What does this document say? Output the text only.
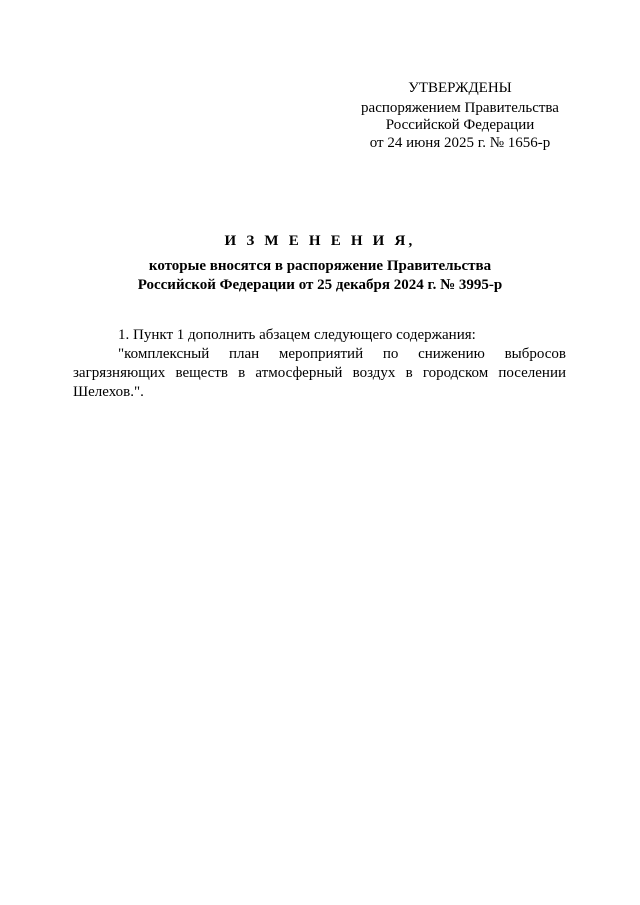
УТВЕРЖДЕНЫ
распоряжением Правительства
Российской Федерации
от 24 июня 2025 г. № 1656-р
И З М Е Н Е Н И Я,
которые вносятся в распоряжение Правительства
Российской Федерации от 25 декабря 2024 г. № 3995-р

1. Пункт 1 дополнить абзацем следующего содержания:

"комплексный план мероприятий по снижению выбросов загрязняющих веществ в атмосферный воздух в городском поселении Шелехов.".
